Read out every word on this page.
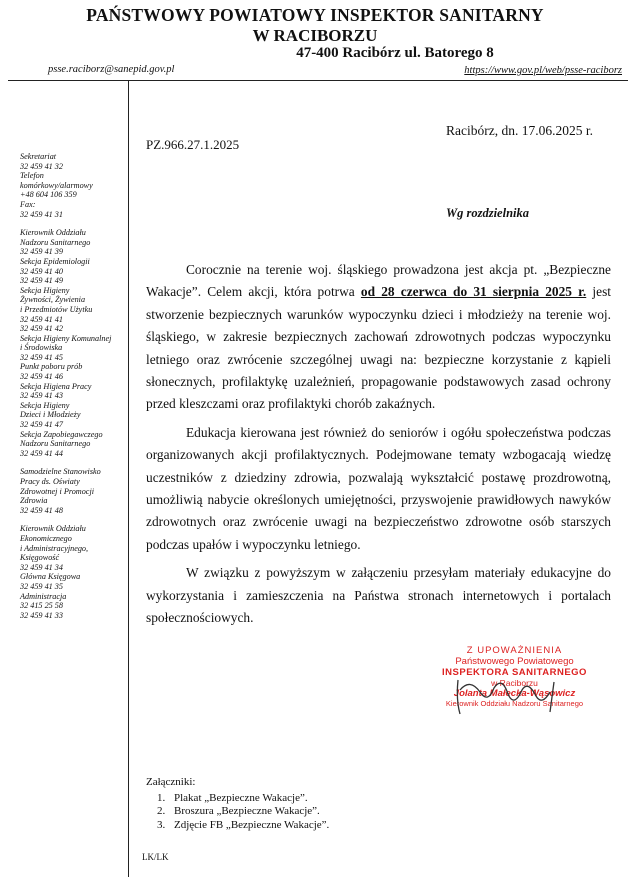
PAŃSTWOWY POWIATOWY INSPEKTOR SANITARNY
W RACIBORZU
47-400 Racibórz ul. Batorego 8
psse.raciborz@sanepid.gov.pl	https://www.gov.pl/web/psse-raciborz
Sekretariat
32 459 41 32
Telefon
komórkowy/alarmowy
+48 604 106 359
Fax:
32 459 41 31
Kierownik Oddziału
Nadzoru Sanitarnego
32 459 41 39
Sekcja Epidemiologii
32 459 41 40
32 459 41 49
Sekcja Higieny
Żywności, Żywienia
i Przedmiotów Użytku
32 459 41 41
32 459 41 42
Sekcja Higieny Komunalnej
i Środowiska
32 459 41 45
Punkt poboru prób
32 459 41 46
Sekcja Higiena Pracy
32 459 41 43
Sekcja Higieny
Dzieci i Młodzieży
32 459 41 47
Sekcja Zapobiegawczego
Nadzoru Sanitarnego
32 459 41 44
Samodzielne Stanowisko
Pracy ds. Oświaty
Zdrowotnej i Promocji
Zdrowia
32 459 41 48
Kierownik Oddziału
Ekonomicznego
i Administracyjnego,
Księgowość
32 459 41 34
Główna Księgowa
32 459 41 35
Administracja
32 415 25 58
32 459 41 33
PZ.966.27.1.2025
Racibórz, dn. 17.06.2025 r.
Wg rozdzielnika

Corocznie na terenie woj. śląskiego prowadzona jest akcja pt. „Bezpieczne Wakacje”. Celem akcji, która potrwa od 28 czerwca do 31 sierpnia 2025 r. jest stworzenie bezpiecznych warunków wypoczynku dzieci i młodzieży na terenie woj. śląskiego, w zakresie bezpiecznych zachowań zdrowotnych podczas wypoczynku letniego oraz zwrócenie szczególnej uwagi na: bezpieczne korzystanie z kąpieli słonecznych, profilaktykę uzależnień, propagowanie podstawowych zasad ochrony przed kleszczami oraz profilaktyki chorób zakaźnych.

Edukacja kierowana jest również do seniorów i ogółu społeczeństwa podczas organizowanych akcji profilaktycznych. Podejmowane tematy wzbogacają wiedzę uczestników z dziedziny zdrowia, pozwalają wykształcić postawę prozdrowotną, umożliwią nabycie określonych umiejętności, przyswojenie prawidłowych nawyków zdrowotnych oraz zwrócenie uwagi na bezpieczeństwo zdrowotne osób starszych podczas upałów i wypoczynku letniego.

W związku z powyższym w załączeniu przesyłam materiały edukacyjne do wykorzystania i zamieszczenia na Państwa stronach internetowych i portalach społecznościowych.

Z UPOWAŻNIENIA
Państwowego Powiatowego
INSPEKTORA SANITARNEGO
w Raciborzu
Jolanta Małecka-Wąsowicz
Kierownik Oddziału Nadzoru Sanitarnego
Załączniki:
1. Plakat „Bezpieczne Wakacje”.
2. Broszura „Bezpieczne Wakacje”.
3. Zdjęcie FB „Bezpieczne Wakacje”.
LK/LK
